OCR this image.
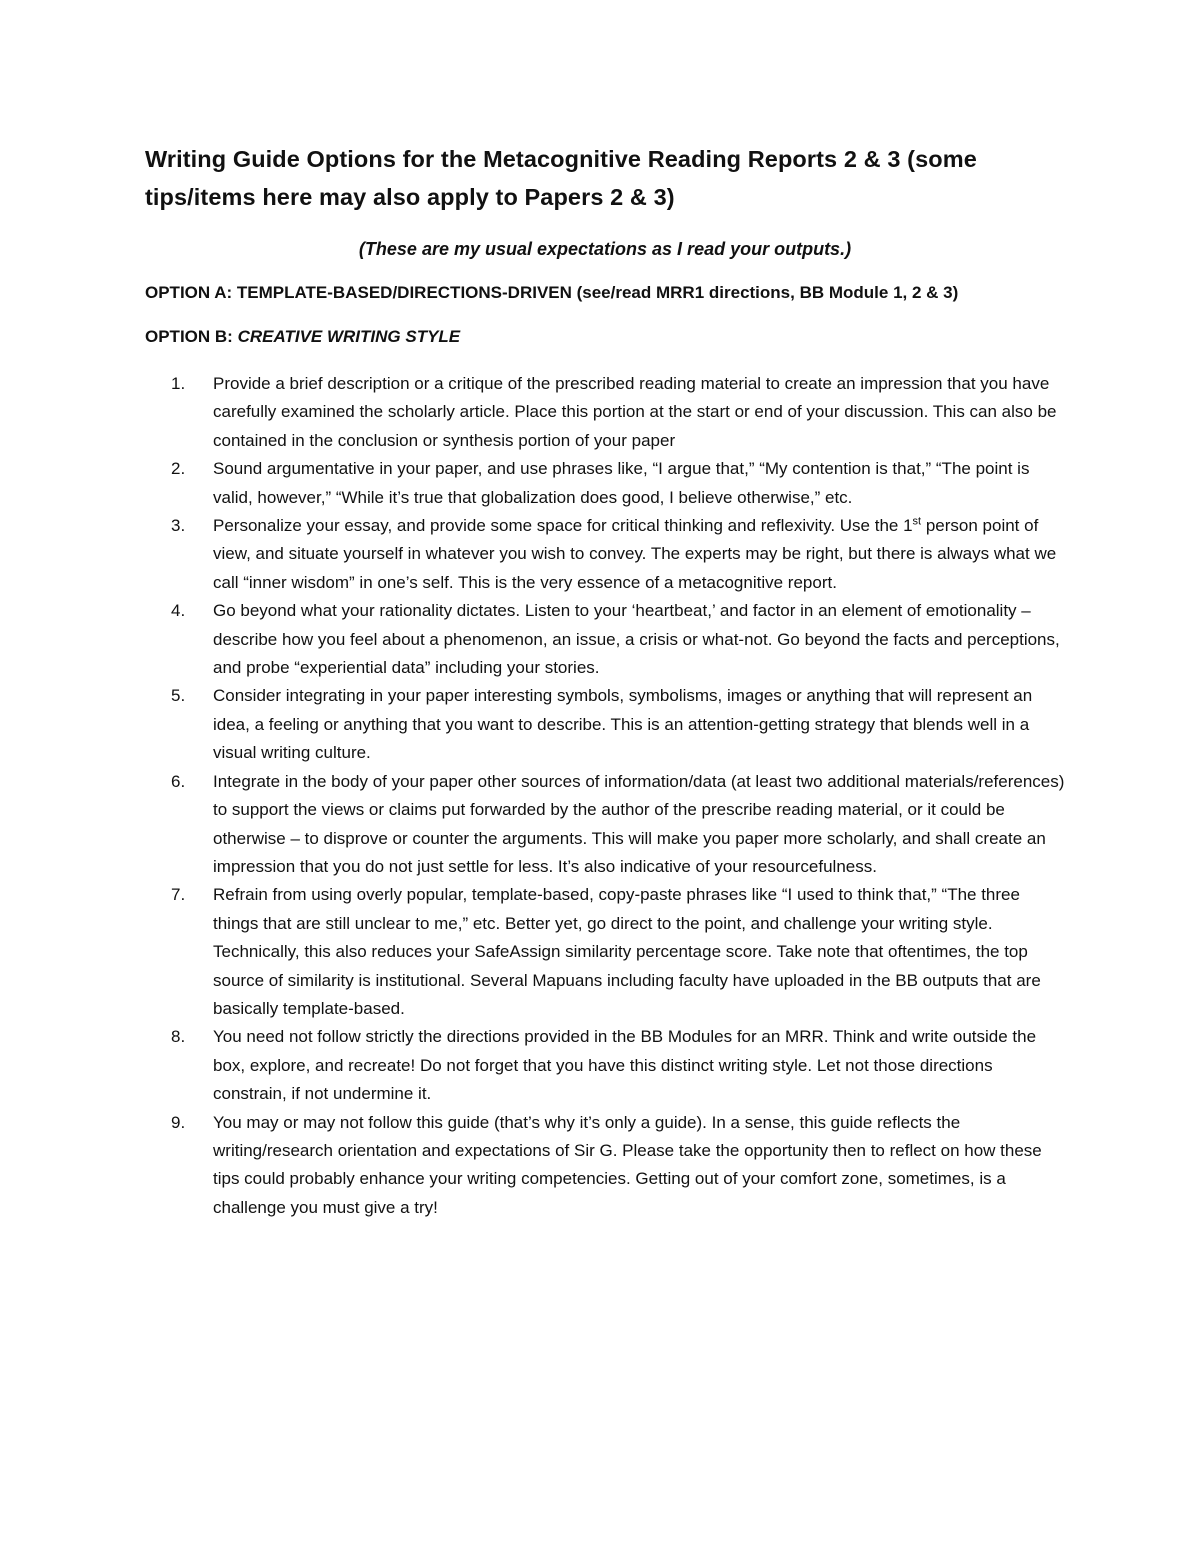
Writing Guide Options for the Metacognitive Reading Reports 2 & 3 (some tips/items here may also apply to Papers 2 & 3)

(These are my usual expectations as I read your outputs.)

OPTION A: TEMPLATE-BASED/DIRECTIONS-DRIVEN (see/read MRR1 directions, BB Module 1, 2 & 3)

OPTION B: CREATIVE WRITING STYLE

1.	Provide a brief description or a critique of the prescribed reading material to create an impression that you have carefully examined the scholarly article. Place this portion at the start or end of your discussion. This can also be contained in the conclusion or synthesis portion of your paper
2.	Sound argumentative in your paper, and use phrases like, “I argue that,” “My contention is that,” “The point is valid, however,” “While it’s true that globalization does good, I believe otherwise,” etc.
3.	Personalize your essay, and provide some space for critical thinking and reflexivity. Use the 1st person point of view, and situate yourself in whatever you wish to convey. The experts may be right, but there is always what we call “inner wisdom” in one’s self. This is the very essence of a metacognitive report.
4.	Go beyond what your rationality dictates. Listen to your ‘heartbeat,’ and factor in an element of emotionality – describe how you feel about a phenomenon, an issue, a crisis or what-not. Go beyond the facts and perceptions, and probe “experiential data” including your stories.
5.	Consider integrating in your paper interesting symbols, symbolisms, images or anything that will represent an idea, a feeling or anything that you want to describe. This is an attention-getting strategy that blends well in a visual writing culture.
6.	Integrate in the body of your paper other sources of information/data (at least two additional materials/references) to support the views or claims put forwarded by the author of the prescribe reading material, or it could be otherwise – to disprove or counter the arguments. This will make you paper more scholarly, and shall create an impression that you do not just settle for less. It’s also indicative of your resourcefulness.
7.	Refrain from using overly popular, template-based, copy-paste phrases like “I used to think that,” “The three things that are still unclear to me,” etc. Better yet, go direct to the point, and challenge your writing style. Technically, this also reduces your SafeAssign similarity percentage score. Take note that oftentimes, the top source of similarity is institutional. Several Mapuans including faculty have uploaded in the BB outputs that are basically template-based.
8.	You need not follow strictly the directions provided in the BB Modules for an MRR. Think and write outside the box, explore, and recreate! Do not forget that you have this distinct writing style. Let not those directions constrain, if not undermine it.
9.	You may or may not follow this guide (that’s why it’s only a guide). In a sense, this guide reflects the writing/research orientation and expectations of Sir G. Please take the opportunity then to reflect on how these tips could probably enhance your writing competencies. Getting out of your comfort zone, sometimes, is a challenge you must give a try!
